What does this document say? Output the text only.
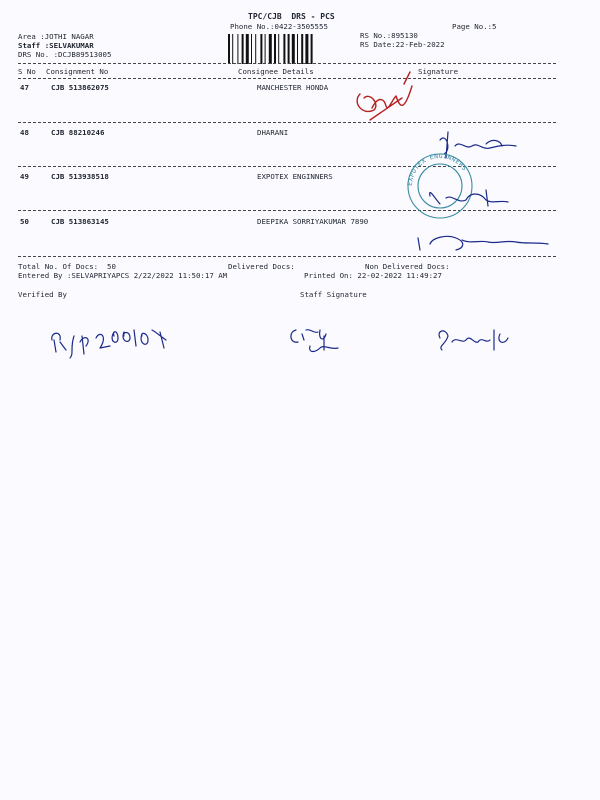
TPC/CJB  DRS - PCS
Phone No.:0422-3505555	Page No.:5
Area :JOTHI NAGAR
Staff :SELVAKUMAR
DRS No. :DCJB89513005
RS No.:895130
RS Date:22-Feb-2022
S No Consignment No	Consignee Details	Signature
47	CJB 513862075	MANCHESTER HONDA
48	CJB 88210246	DHARANI
49	CJB 513938518	EXPOTEX ENGINNERS
50	CJB 513863145	DEEPIKA SORRIYAKUMAR 7890
Total No. Of Docs:  50	Delivered Docs:	Non Delivered Docs:
Entered By :SELVAPRIYAPCS 2/22/2022 11:50:17 AM	Printed On: 22-02-2022 11:49:27
Verified By	Staff Signature
EXPOTEX ENGINNERS
